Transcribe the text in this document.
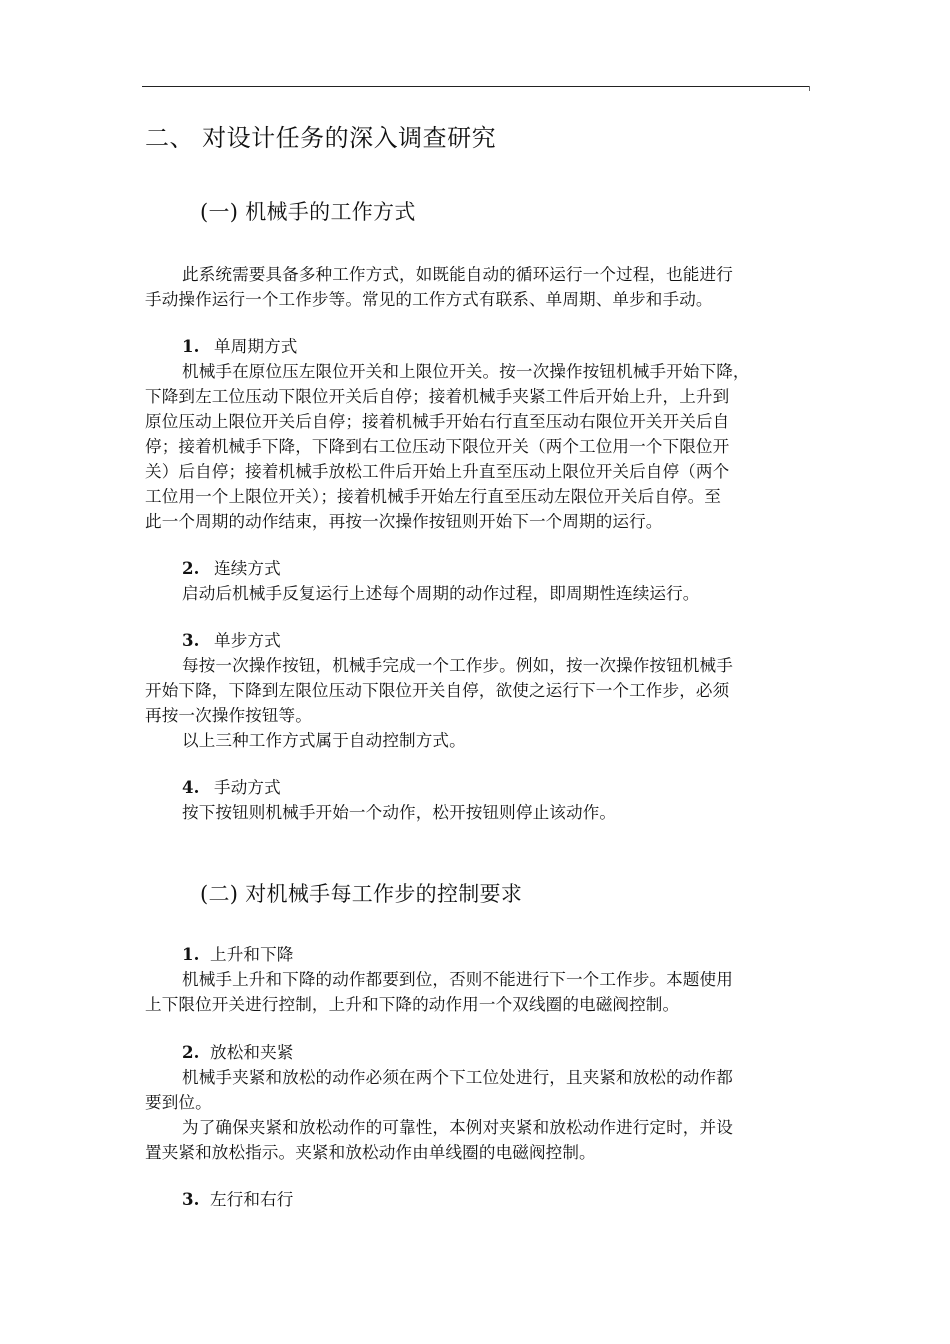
二、 对设计任务的深入调查研究
(一) 机械手的工作方式
此系统需要具备多种工作方式，如既能自动的循环运行一个过程，也能进行
手动操作运行一个工作步等。常见的工作方式有联系、单周期、单步和手动。
1. 单周期方式
机械手在原位压左限位开关和上限位开关。按一次操作按钮机械手开始下降，
下降到左工位压动下限位开关后自停；接着机械手夹紧工件后开始上升，上升到
原位压动上限位开关后自停；接着机械手开始右行直至压动右限位开关开关后自
停；接着机械手下降，下降到右工位压动下限位开关（两个工位用一个下限位开
关）后自停；接着机械手放松工件后开始上升直至压动上限位开关后自停（两个
工位用一个上限位开关）；接着机械手开始左行直至压动左限位开关后自停。至
此一个周期的动作结束，再按一次操作按钮则开始下一个周期的运行。
2. 连续方式
启动后机械手反复运行上述每个周期的动作过程，即周期性连续运行。
3. 单步方式
每按一次操作按钮，机械手完成一个工作步。例如，按一次操作按钮机械手
开始下降，下降到左限位压动下限位开关自停，欲使之运行下一个工作步，必须
再按一次操作按钮等。
以上三种工作方式属于自动控制方式。
4. 手动方式
按下按钮则机械手开始一个动作，松开按钮则停止该动作。
(二) 对机械手每工作步的控制要求
1. 上升和下降
机械手上升和下降的动作都要到位，否则不能进行下一个工作步。本题使用
上下限位开关进行控制，上升和下降的动作用一个双线圈的电磁阀控制。
2. 放松和夹紧
机械手夹紧和放松的动作必须在两个下工位处进行，且夹紧和放松的动作都
要到位。
为了确保夹紧和放松动作的可靠性，本例对夹紧和放松动作进行定时，并设
置夹紧和放松指示。夹紧和放松动作由单线圈的电磁阀控制。
3. 左行和右行
